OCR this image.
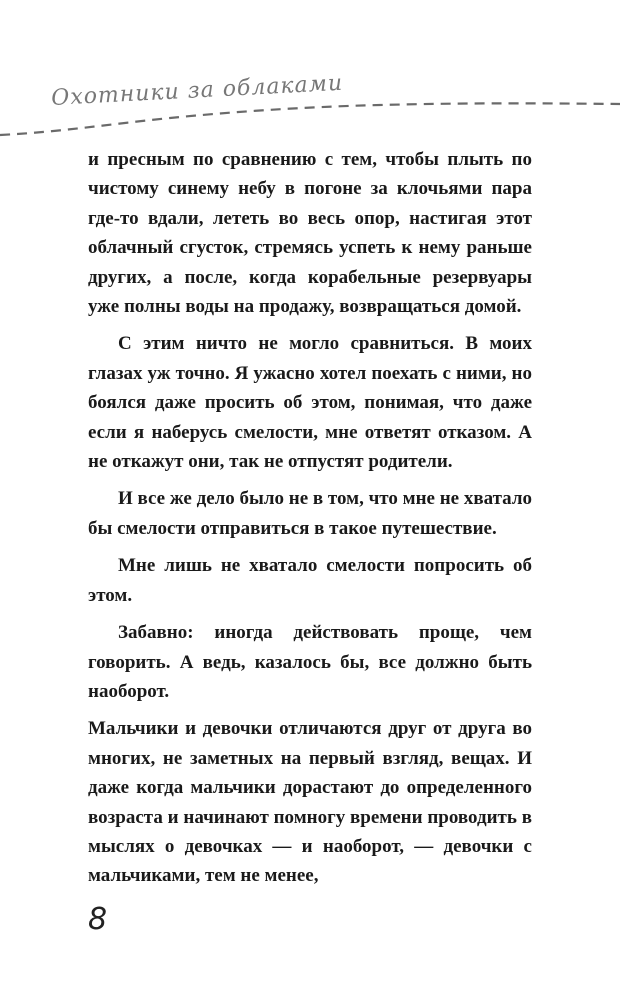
Охотники за облаками

и пресным по сравнению с тем, чтобы плыть по чистому синему небу в погоне за клочьями пара где-то вдали, лететь во весь опор, настигая этот облачный сгусток, стремясь успеть к нему раньше других, а после, когда корабельные резервуары уже полны воды на продажу, возвращаться домой.

С этим ничто не могло сравниться. В моих глазах уж точно. Я ужасно хотел поехать с ними, но боялся даже просить об этом, понимая, что даже если я наберусь смелости, мне ответят отказом. А не откажут они, так не отпустят родители.

И все же дело было не в том, что мне не хватало бы смелости отправиться в такое путешествие.

Мне лишь не хватало смелости попросить об этом.

Забавно: иногда действовать проще, чем говорить. А ведь, казалось бы, все должно быть наоборот.

Мальчики и девочки отличаются друг от друга во многих, не заметных на первый взгляд, вещах. И даже когда мальчики дорастают до определенного возраста и начинают помногу времени проводить в мыслях о девочках — и наоборот, — девочки с мальчиками, тем не менее,

8
